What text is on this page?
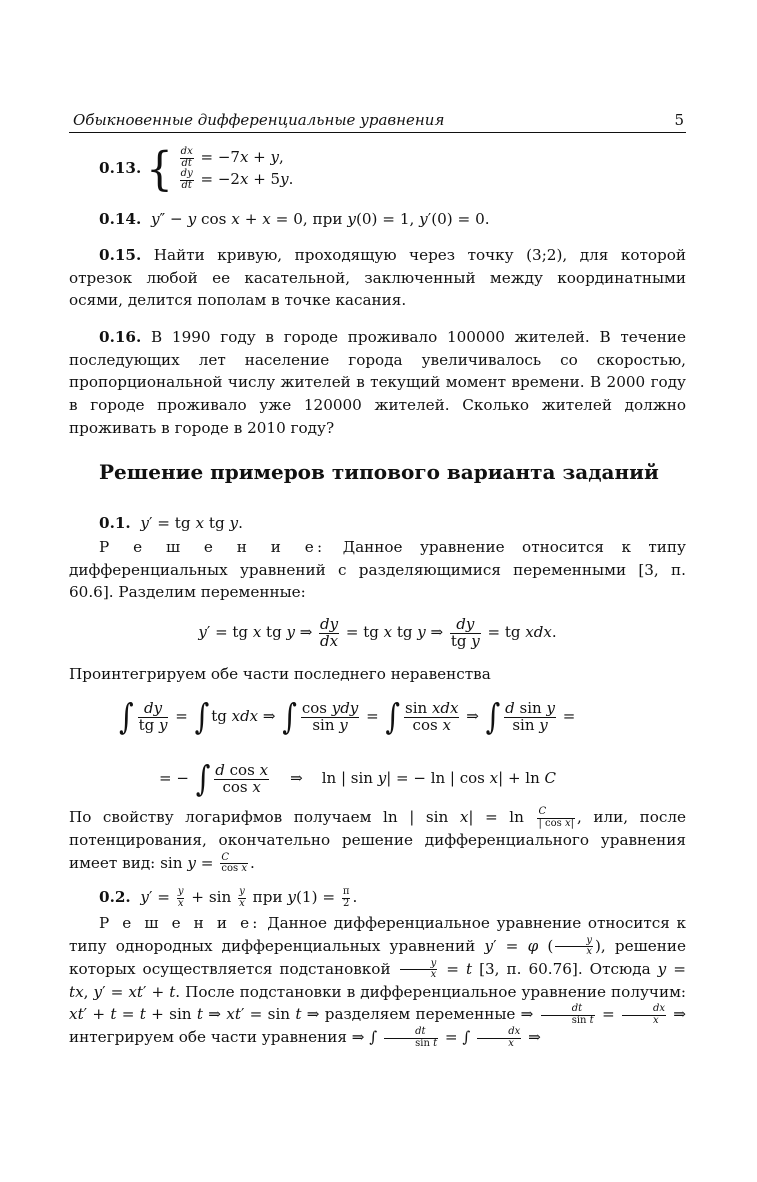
Обыкновенные дифференциальные уравнения	5
0.13. { $\frac{dx}{dt} = -7x + y$,
$\frac{dy}{dt} = -2x + 5y$.
0.14. y″ − y cos x + x = 0, при y(0) = 1, y′(0) = 0.
0.15. Найти кривую, проходящую через точку (3;2), для которой отрезок любой ее касательной, заключенный между координатными осями, делится пополам в точке касания.
0.16. В 1990 году в городе проживало 100000 жителей. В течение последующих лет население города увеличивалось со скоростью, пропорциональной числу жителей в текущий момент времени. В 2000 году в городе проживало уже 120000 жителей. Сколько жителей должно проживать в городе в 2010 году?
Решение примеров типового варианта заданий
0.1. y′ = tg x tg y.
Р е ш е н и е: Данное уравнение относится к типу дифференциальных уравнений с разделяющимися переменными [3, п. 60.6]. Разделим переменные:
y′ = tg x tg y ⇒ $\frac{dy}{dx}$ = tg x tg y ⇒ $\frac{dy}{\text{tg y}}$ = tg xdx.
Проинтегрируем обе части последнего неравенства
∫ $\frac{dy}{\text{tg y}}$ = ∫ tg xdx ⇒ ∫ $\frac{\text{cos ydy}}{\text{sin y}}$ = ∫ $\frac{\text{sin xdx}}{\text{cos x}}$ ⇒ ∫ $\frac{\text{d sin y}}{\text{sin y}}$ =
= − ∫ $\frac{\text{d cos x}}{\text{cos x}}$ ⇒    ln | sin y| = − ln | cos x| + ln C
По свойству логарифмов получаем ln | $\sin x| = \ln \frac{C}{\text{| cos x|}}$ , или, после потенцирования, окончательно решение дифференциального уравнения имеет вид: $\sin y = \frac{C}{\text{cos x}}$ .
0.2. $y' = \frac{y}{x} + \sin \frac{y}{x}$ при $y(1) = \frac{\pi}{2}$ .
Р е ш е н и е: Данное дифференциальное уравнение относится к типу однородных дифференциальных уравнений y′ = φ ( $\frac{y}{x}$ ), решение которых осуществляется подстановкой $\frac{y}{x} = t$ [3, п. 60.76]. Отсюда y = tx, y′ = xt′ + t. После подстановки в дифференциальное уравнение получим: xt′ + t = t + sin t ⇒ xt′ = sin t ⇒ разделяем переменные ⇒ $\frac{dt}{\text{sin t}} = \frac{dx}{x}$ ⇒ интегрируем обе части уравнения ⇒ ∫ $\frac{dt}{\text{sin t}}$ = ∫ $\frac{dx}{x}$ ⇒
